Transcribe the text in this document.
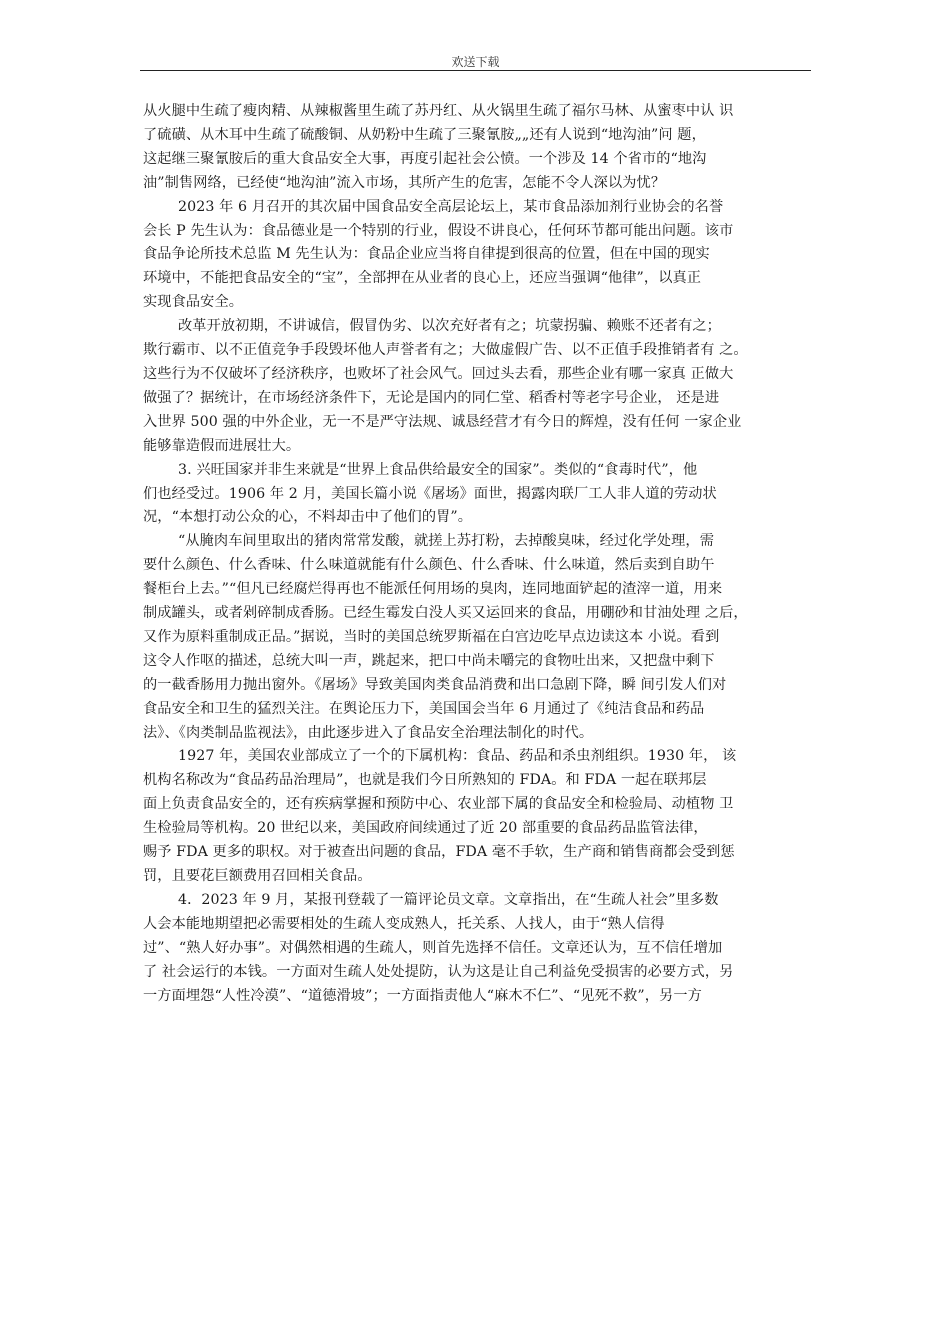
欢送下载

从火腿中生疏了瘦肉精、从辣椒酱里生疏了苏丹红、从火锅里生疏了福尔马林、从蜜枣中认 识
了硫磺、从木耳中生疏了硫酸铜、从奶粉中生疏了三聚氰胺„„还有人说到“地沟油”问 题，
这起继三聚氰胺后的重大食品安全大事，再度引起社会公愤。一个涉及 14 个省市的“地沟
油”制售网络，已经使“地沟油”流入市场，其所产生的危害，怎能不令人深以为忧？

2023 年 6 月召开的其次届中国食品安全高层论坛上，某市食品添加剂行业协会的名誉
会长 P 先生认为：食品德业是一个特别的行业，假设不讲良心，任何环节都可能出问题。该市
食品争论所技术总监 M 先生认为：食品企业应当将自律提到很高的位置，但在中国的现实
环境中，不能把食品安全的“宝”，全部押在从业者的良心上，还应当强调“他律”，以真正
实现食品安全。

改革开放初期，不讲诚信，假冒伪劣、以次充好者有之；坑蒙拐骗、赖账不还者有之；
欺行霸市、以不正值竞争手段毁坏他人声誉者有之；大做虚假广告、以不正值手段推销者有 之。
这些行为不仅破坏了经济秩序，也败坏了社会风气。回过头去看，那些企业有哪一家真 正做大
做强了？据统计，在市场经济条件下，无论是国内的同仁堂、稻香村等老字号企业， 还是进
入世界 500 强的中外企业，无一不是严守法规、诚恳经营才有今日的辉煌，没有任何 一家企业
能够靠造假而进展壮大。

3. 兴旺国家并非生来就是“世界上食品供给最安全的国家”。类似的“食毒时代”，他
们也经受过。1906 年 2 月，美国长篇小说《屠场》面世，揭露肉联厂工人非人道的劳动状
况，“本想打动公众的心，不料却击中了他们的胃”。

“从腌肉车间里取出的猪肉常常发酸，就搓上苏打粉，去掉酸臭味，经过化学处理，需
要什么颜色、什么香味、什么味道就能有什么颜色、什么香味、什么味道，然后卖到自助午
餐柜台上去。”“但凡已经腐烂得再也不能派任何用场的臭肉，连同地面铲起的渣滓一道，用来
制成罐头，或者剁碎制成香肠。已经生霉发白没人买又运回来的食品，用硼砂和甘油处理 之后，
又作为原料重制成正品。”据说，当时的美国总统罗斯福在白宫边吃早点边读这本 小说。看到
这令人作呕的描述，总统大叫一声，跳起来，把口中尚未嚼完的食物吐出来，又把盘中剩下
的一截香肠用力抛出窗外。《屠场》导致美国肉类食品消费和出口急剧下降，瞬 间引发人们对
食品安全和卫生的猛烈关注。在舆论压力下，美国国会当年 6 月通过了《纯洁食品和药品
法》、《肉类制品监视法》，由此逐步进入了食品安全治理法制化的时代。

1927 年，美国农业部成立了一个的下属机构：食品、药品和杀虫剂组织。1930 年， 该
机构名称改为“食品药品治理局”，也就是我们今日所熟知的 FDA。和 FDA 一起在联邦层
面上负责食品安全的，还有疾病掌握和预防中心、农业部下属的食品安全和检验局、动植物 卫
生检验局等机构。20 世纪以来，美国政府间续通过了近 20 部重要的食品药品监管法律，
赐予 FDA 更多的职权。对于被查出问题的食品，FDA 毫不手软，生产商和销售商都会受到惩
罚，且要花巨额费用召回相关食品。

4．2023 年 9 月，某报刊登载了一篇评论员文章。文章指出，在“生疏人社会”里多数
人会本能地期望把必需要相处的生疏人变成熟人，托关系、人找人，由于“熟人信得
过”、“熟人好办事”。对偶然相遇的生疏人，则首先选择不信任。文章还认为，互不信任增加
了 社会运行的本钱。一方面对生疏人处处提防，认为这是让自己利益免受损害的必要方式，另
一方面埋怨“人性冷漠”、“道德滑坡”；一方面指责他人“麻木不仁”、“见死不救”，另一方
